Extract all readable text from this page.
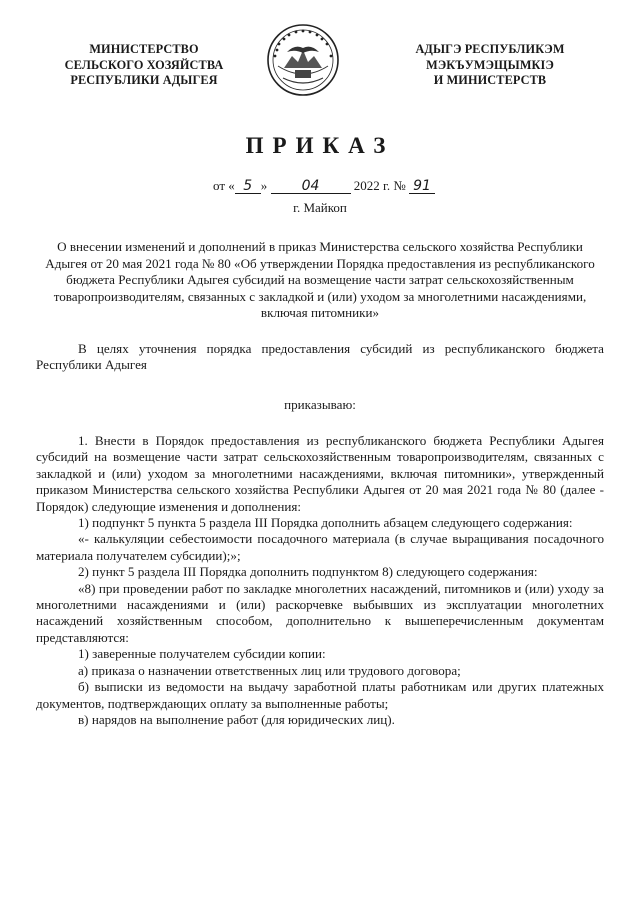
МИНИСТЕРСТВО
СЕЛЬСКОГО ХОЗЯЙСТВА
РЕСПУБЛИКИ АДЫГЕЯ
АДЫГЭ РЕСПУБЛИКЭМ
МЭКЪУМЭЩЫМКIЭ
И МИНИСТЕРСТВ
ПРИКАЗ
от « 5 » 04	2022 г. № 91
г. Майкоп
О внесении изменений и дополнений в приказ Министерства сельского хозяйства Республики Адыгея от 20 мая 2021 года № 80 «Об утверждении Порядка предоставления из республиканского бюджета Республики Адыгея субсидий на возмещение части затрат сельскохозяйственным товаропроизводителям, связанных с закладкой и (или) уходом за многолетними насаждениями, включая питомники»
В целях уточнения порядка предоставления субсидий из республиканского бюджета Республики Адыгея
приказываю:

1. Внести в Порядок предоставления из республиканского бюджета Республики Адыгея субсидий на возмещение части затрат сельскохозяйственным товаропроизводителям, связанных с закладкой и (или) уходом за многолетними насаждениями, включая питомники», утвержденный приказом Министерства сельского хозяйства Республики Адыгея от 20 мая 2021 года № 80 (далее - Порядок) следующие изменения и дополнения:

1) подпункт 5 пункта 5 раздела III Порядка дополнить абзацем следующего содержания:

«- калькуляции себестоимости посадочного материала (в случае выращивания посадочного материала получателем субсидии);»;

2) пункт 5 раздела III Порядка дополнить подпунктом 8) следующего содержания:

«8) при проведении работ по закладке многолетних насаждений, питомников и (или) уходу за многолетними насаждениями и (или) раскорчевке выбывших из эксплуатации многолетних насаждений хозяйственным способом, дополнительно к вышеперечисленным документам представляются:

1) заверенные получателем субсидии копии:

а) приказа о назначении ответственных лиц или трудового договора;

б) выписки из ведомости на выдачу заработной платы работникам или других платежных документов, подтверждающих оплату за выполненные работы;

в) нарядов на выполнение работ (для юридических лиц).
